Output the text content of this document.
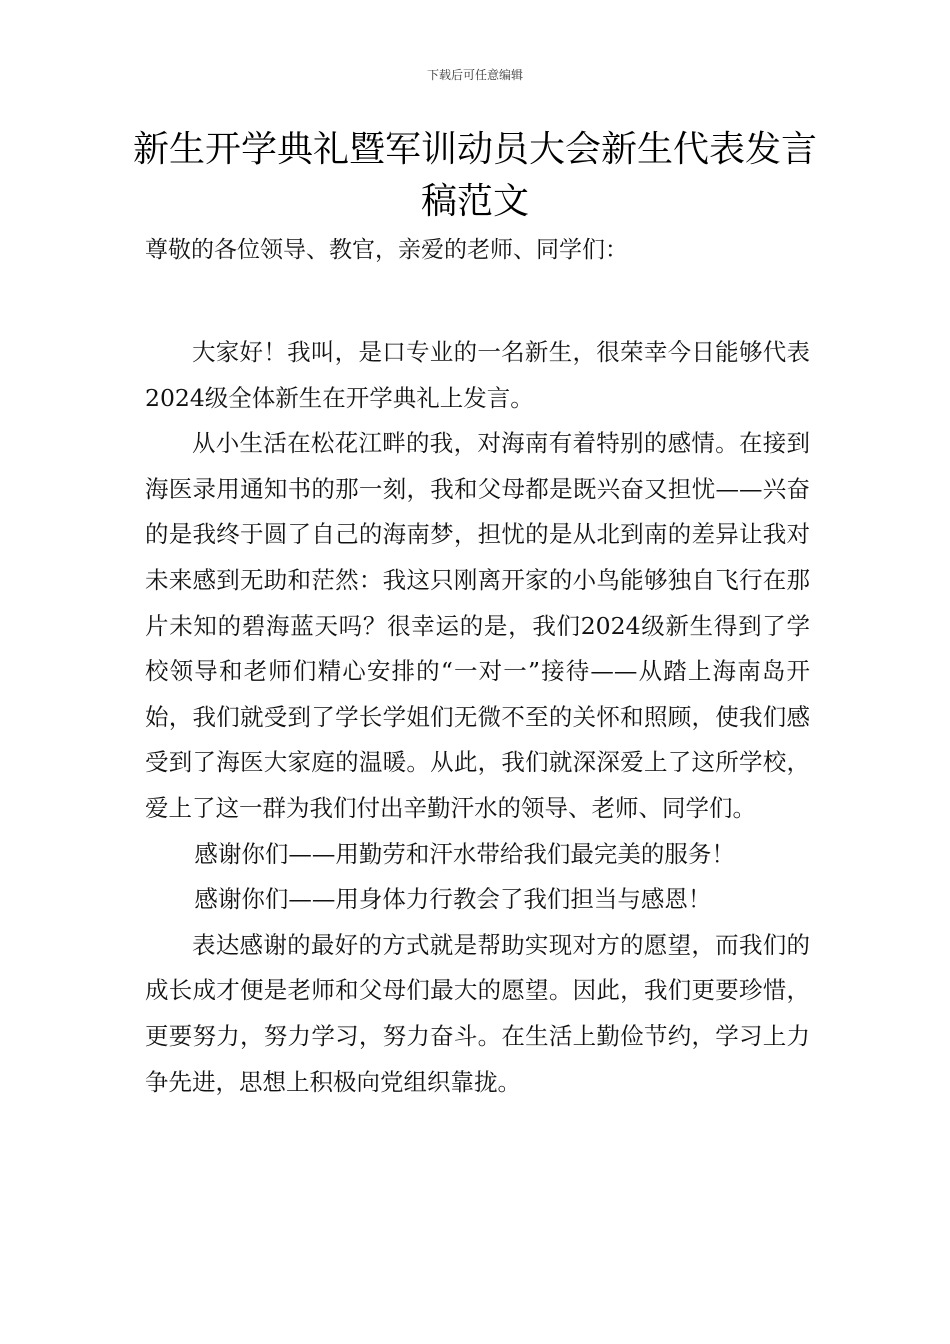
下载后可任意编辑
新生开学典礼暨军训动员大会新生代表发言稿范文
尊敬的各位领导、教官，亲爱的老师、同学们：

大家好！我叫，是口专业的一名新生，很荣幸今日能够代表2024级全体新生在开学典礼上发言。

从小生活在松花江畔的我，对海南有着特别的感情。在接到海医录用通知书的那一刻，我和父母都是既兴奋又担忧——兴奋的是我终于圆了自己的海南梦，担忧的是从北到南的差异让我对未来感到无助和茫然：我这只刚离开家的小鸟能够独自飞行在那片未知的碧海蓝天吗？很幸运的是，我们2024级新生得到了学校领导和老师们精心安排的“一对一”接待——从踏上海南岛开始，我们就受到了学长学姐们无微不至的关怀和照顾，使我们感受到了海医大家庭的温暖。从此，我们就深深爱上了这所学校，爱上了这一群为我们付出辛勤汗水的领导、老师、同学们。

感谢你们——用勤劳和汗水带给我们最完美的服务！

感谢你们——用身体力行教会了我们担当与感恩！

表达感谢的最好的方式就是帮助实现对方的愿望，而我们的成长成才便是老师和父母们最大的愿望。因此，我们更要珍惜，更要努力，努力学习，努力奋斗。在生活上勤俭节约，学习上力争先进，思想上积极向党组织靠拢。
